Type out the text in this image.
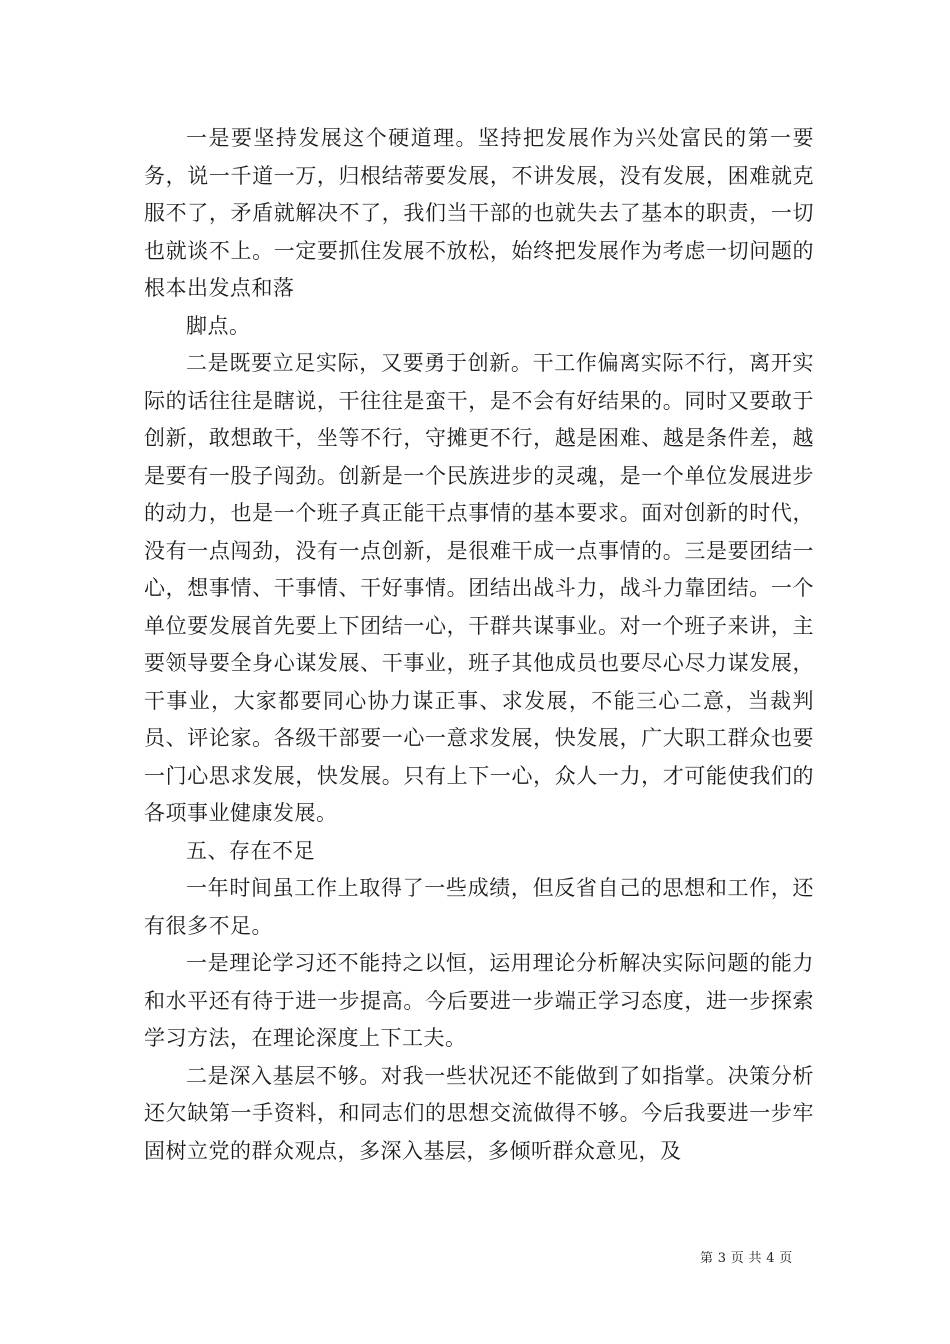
一是要坚持发展这个硬道理。坚持把发展作为兴处富民的第一要务，说一千道一万，归根结蒂要发展，不讲发展，没有发展，困难就克服不了，矛盾就解决不了，我们当干部的也就失去了基本的职责，一切也就谈不上。一定要抓住发展不放松，始终把发展作为考虑一切问题的根本出发点和落

脚点。

二是既要立足实际，又要勇于创新。干工作偏离实际不行，离开实际的话往往是瞎说，干往往是蛮干，是不会有好结果的。同时又要敢于创新，敢想敢干，坐等不行，守摊更不行，越是困难、越是条件差，越是要有一股子闯劲。创新是一个民族进步的灵魂，是一个单位发展进步的动力，也是一个班子真正能干点事情的基本要求。面对创新的时代，没有一点闯劲，没有一点创新，是很难干成一点事情的。三是要团结一心，想事情、干事情、干好事情。团结出战斗力，战斗力靠团结。一个单位要发展首先要上下团结一心，干群共谋事业。对一个班子来讲，主要领导要全身心谋发展、干事业，班子其他成员也要尽心尽力谋发展，干事业，大家都要同心协力谋正事、求发展，不能三心二意，当裁判员、评论家。各级干部要一心一意求发展，快发展，广大职工群众也要一门心思求发展，快发展。只有上下一心，众人一力，才可能使我们的各项事业健康发展。

五、存在不足

一年时间虽工作上取得了一些成绩，但反省自己的思想和工作，还有很多不足。

一是理论学习还不能持之以恒，运用理论分析解决实际问题的能力和水平还有待于进一步提高。今后要进一步端正学习态度，进一步探索学习方法，在理论深度上下工夫。

二是深入基层不够。对我一些状况还不能做到了如指掌。决策分析还欠缺第一手资料，和同志们的思想交流做得不够。今后我要进一步牢固树立党的群众观点，多深入基层，多倾听群众意见，及

第 3 页 共 4 页
